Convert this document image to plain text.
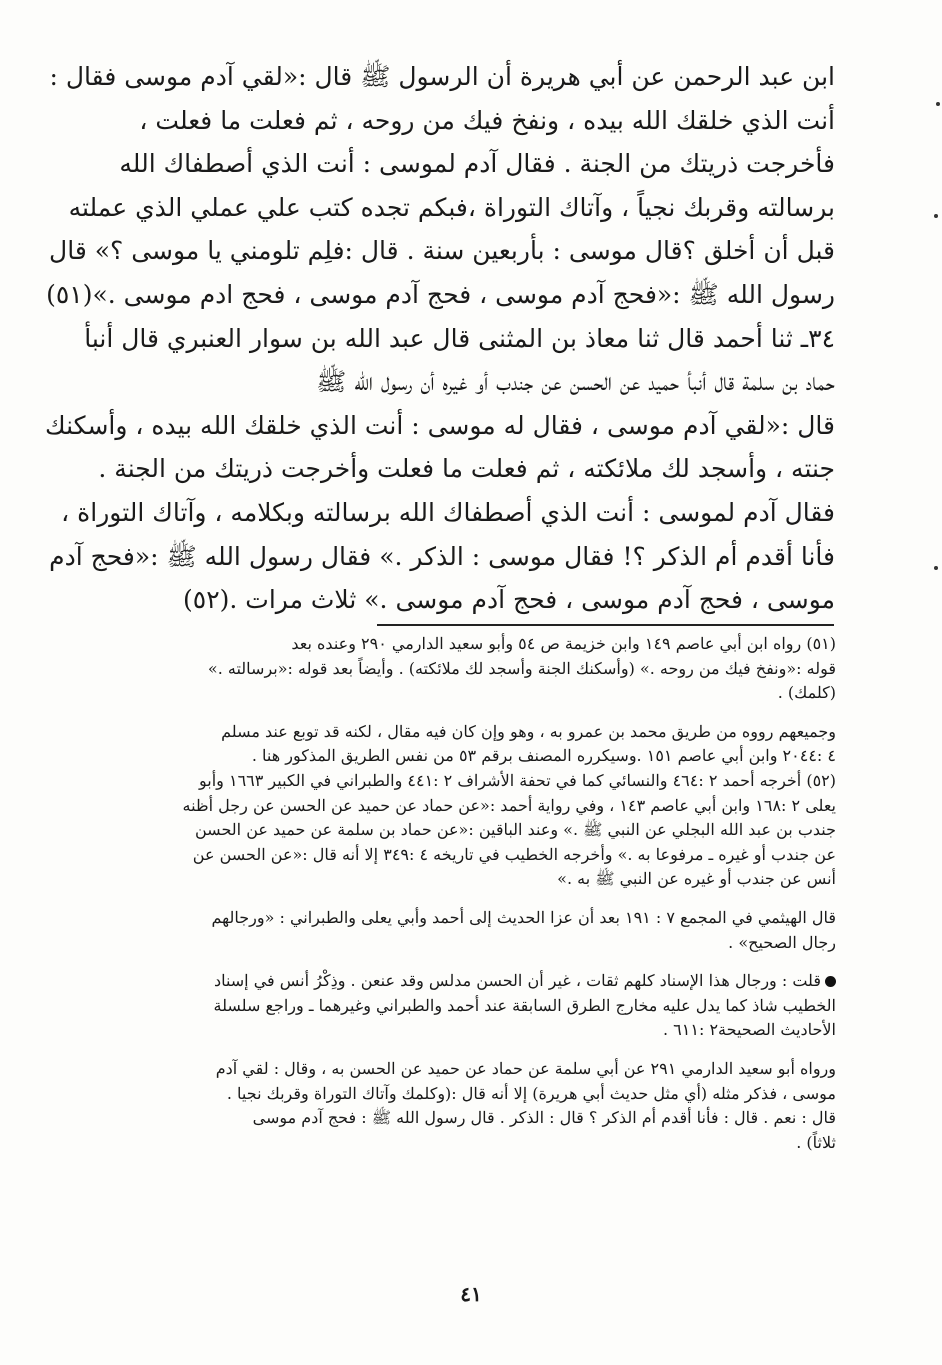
ابن عبد الرحمن عن أبي هريرة أن الرسول ﷺ قال :«لقي آدم موسى فقال :
أنت الذي خلقك الله بيده ، ونفخ فيك من روحه ، ثم فعلت ما فعلت ،
فأخرجت ذريتك من الجنة . فقال آدم لموسى : أنت الذي أصطفاك الله
برسالته وقربك نجياً ، وآتاك التوراة ،فبكم تجده كتب علي عملي الذي عملته
قبل أن أخلق ؟قال موسى : بأربعين سنة . قال :فلِم تلومني يا موسى ؟» قال
رسول الله ﷺ :«فحج آدم موسى ، فحج آدم موسى ، فحج ادم موسى .»(٥١)
٣٤ـ ثنا أحمد قال ثنا معاذ بن المثنى قال عبد الله بن سوار العنبري قال أنبأ
حماد بن سلمة قال أنبأ حميد عن الحسن عن جندب أو غيره أن رسول الله ﷺ
قال :«لقي آدم موسى ، فقال له موسى : أنت الذي خلقك الله بيده ، وأسكنك
جنته ، وأسجد لك ملائكته ، ثم فعلت ما فعلت وأخرجت ذريتك من الجنة .
فقال آدم لموسى : أنت الذي أصطفاك الله برسالته وبكلامه ، وآتاك التوراة ،
فأنا أقدم أم الذكر ؟! فقال موسى : الذكر .» فقال رسول الله ﷺ :«فحج آدم
موسى ، فحج آدم موسى ، فحج آدم موسى .» ثلاث مرات .(٥٢)
(٥١) رواه ابن أبي عاصم ١٤٩ وابن خزيمة ص ٥٤ وأبو سعيد الدارمي ٢٩٠ وعنده بعد
قوله :«ونفخ فيك من روحه .» (وأسكنك الجنة وأسجد لك ملائكته) . وأيضاً بعد قوله :«برسالته .»
(كلمك) .
وجميعهم رووه من طريق محمد بن عمرو به ، وهو وإن كان فيه مقال ، لكنه قد توبع عند مسلم
٤ :٢٠٤٤ وابن أبي عاصم ١٥١ .وسيكرره المصنف برقم ٥٣ من نفس الطريق المذكور هنا .
(٥٢) أخرجه أحمد ٢ :٤٦٤ والنسائي كما في تحفة الأشراف ٢ :٤٤١ والطبراني في الكبير ١٦٦٣ وأبو
يعلى ٢ :١٦٨ وابن أبي عاصم ١٤٣ ، وفي رواية أحمد :«عن حماد عن حميد عن الحسن عن رجل أظنه
جندب بن عبد الله البجلي عن النبي ﷺ .» وعند الباقين :«عن حماد بن سلمة عن حميد عن الحسن
عن جندب أو غيره ـ مرفوعا به .» وأخرجه الخطيب في تاريخه ٤ :٣٤٩ إلا أنه قال :«عن الحسن عن
أنس عن جندب أو غيره عن النبي ﷺ به .»
قال الهيثمي في المجمع ٧ : ١٩١ بعد أن عزا الحديث إلى أحمد وأبي يعلى والطبراني : «ورجالهم
رجال الصحيح» .
قلت : ورجال هذا الإسناد كلهم ثقات ، غير أن الحسن مدلس وقد عنعن . وذِكْرُ أنس في إسناد
الخطيب شاذ كما يدل عليه مخارج الطرق السابقة عند أحمد والطبراني وغيرهما ـ وراجع سلسلة
الأحاديث الصحيحة٢ :٦١١ .
ورواه أبو سعيد الدارمي ٢٩١ عن أبي سلمة عن حماد عن حميد عن الحسن به ، وقال : لقي آدم
موسى ، فذكر مثله (أي مثل حديث أبي هريرة) إلا أنه قال :(وكلمك وآتاك التوراة وقربك نجيا .
قال : نعم . قال : فأنا أقدم أم الذكر ؟ قال : الذكر . قال رسول الله ﷺ : فحج آدم موسى
ثلاثاً) .
٤١
